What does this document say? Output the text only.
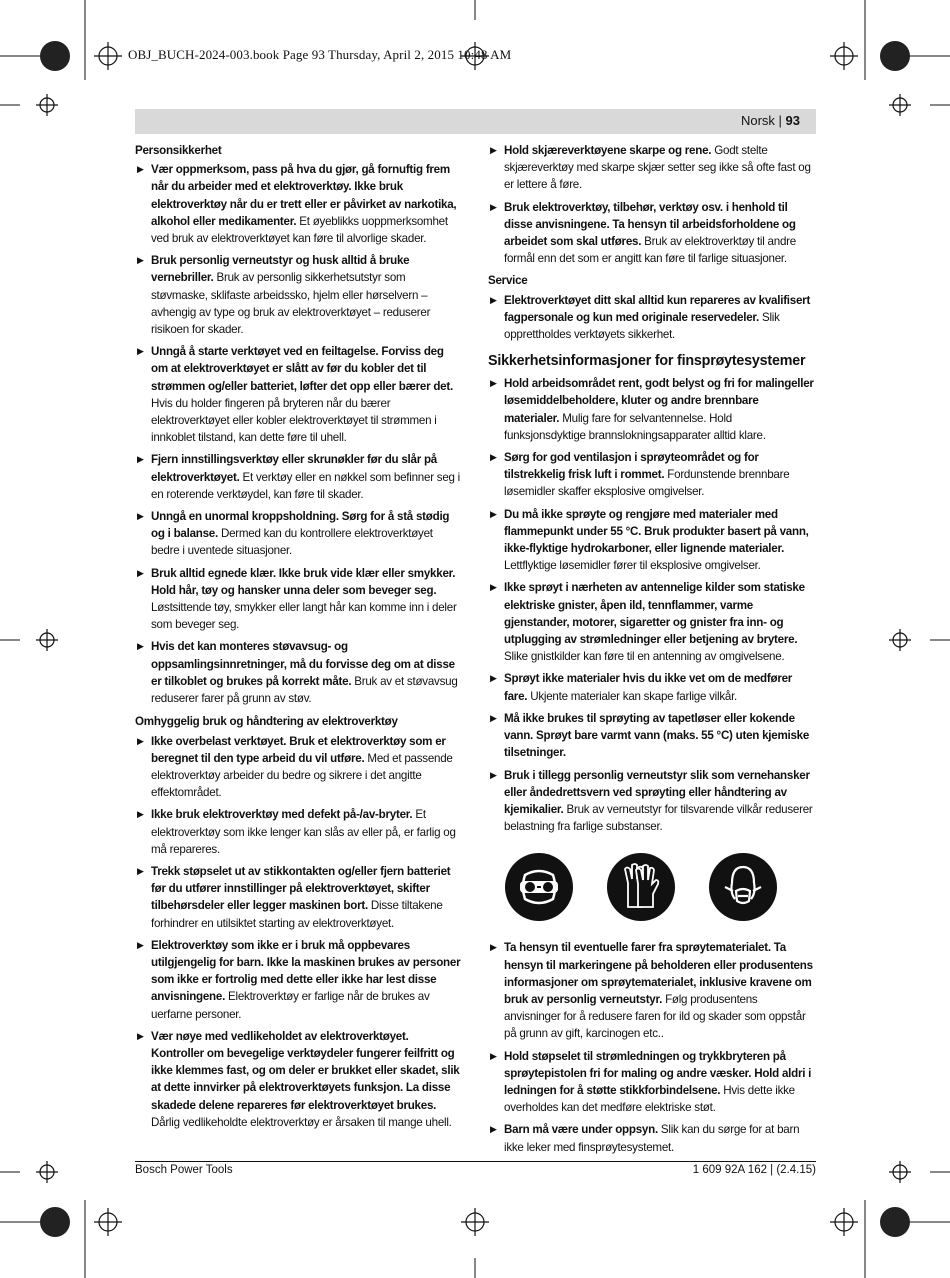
OBJ_BUCH-2024-003.book Page 93 Thursday, April 2, 2015 10:48 AM
Norsk | 93
Personsikkerhet
▶ Vær oppmerksom, pass på hva du gjør, gå fornuftig frem når du arbeider med et elektroverktøy. Ikke bruk elektroverktøy når du er trett eller er påvirket av narkotika, alkohol eller medikamenter. Et øyeblikks uoppmerksomhet ved bruk av elektroverktøyet kan føre til alvorlige skader.
▶ Bruk personlig verneutstyr og husk alltid å bruke vernebriller. Bruk av personlig sikkerhetsutstyr som støvmaske, sklifaste arbeidssko, hjelm eller hørselvern – avhengig av type og bruk av elektroverktøyet – reduserer risikoen for skader.
▶ Unngå å starte verktøyet ved en feiltagelse. Forviss deg om at elektroverktøyet er slått av før du kobler det til strømmen og/eller batteriet, løfter det opp eller bærer det. Hvis du holder fingeren på bryteren når du bærer elektroverktøyet eller kobler elektroverktøyet til strømmen i innkoblet tilstand, kan dette føre til uhell.
▶ Fjern innstillingsverktøy eller skrunøkler før du slår på elektroverktøyet. Et verktøy eller en nøkkel som befinner seg i en roterende verktøydel, kan føre til skader.
▶ Unngå en unormal kroppsholdning. Sørg for å stå stødig og i balanse. Dermed kan du kontrollere elektroverktøyet bedre i uventede situasjoner.
▶ Bruk alltid egnede klær. Ikke bruk vide klær eller smykker. Hold hår, tøy og hansker unna deler som beveger seg. Løstsittende tøy, smykker eller langt hår kan komme inn i deler som beveger seg.
▶ Hvis det kan monteres støvavsug- og oppsamlingsinnretninger, må du forvisse deg om at disse er tilkoblet og brukes på korrekt måte. Bruk av et støvavsug reduserer farer på grunn av støv.
Omhyggelig bruk og håndtering av elektroverktøy
▶ Ikke overbelast verktøyet. Bruk et elektroverktøy som er beregnet til den type arbeid du vil utføre. Med et passende elektroverktøy arbeider du bedre og sikrere i det angitte effektområdet.
▶ Ikke bruk elektroverktøy med defekt på-/av-bryter. Et elektroverktøy som ikke lenger kan slås av eller på, er farlig og må repareres.
▶ Trekk støpselet ut av stikkontakten og/eller fjern batteriet før du utfører innstillinger på elektroverktøyet, skifter tilbehørsdeler eller legger maskinen bort. Disse tiltakene forhindrer en utilsiktet starting av elektroverktøyet.
▶ Elektroverktøy som ikke er i bruk må oppbevares utilgjengelig for barn. Ikke la maskinen brukes av personer som ikke er fortrolig med dette eller ikke har lest disse anvisningene. Elektroverktøy er farlige når de brukes av uerfarne personer.
▶ Vær nøye med vedlikeholdet av elektroverktøyet. Kontroller om bevegelige verktøydeler fungerer feilfritt og ikke klemmes fast, og om deler er brukket eller skadet, slik at dette innvirker på elektroverktøyets funksjon. La disse skadede delene repareres før elektroverktøyet brukes. Dårlig vedlikeholdte elektroverktøy er årsaken til mange uhell.
▶ Hold skjæreverktøyene skarpe og rene. Godt stelte skjæreverktøy med skarpe skjær setter seg ikke så ofte fast og er lettere å føre.
▶ Bruk elektroverktøy, tilbehør, verktøy osv. i henhold til disse anvisningene. Ta hensyn til arbeidsforholdene og arbeidet som skal utføres. Bruk av elektroverktøy til andre formål enn det som er angitt kan føre til farlige situasjoner.
Service
▶ Elektroverktøyet ditt skal alltid kun repareres av kvalifisert fagpersonale og kun med originale reservedeler. Slik opprettholdes verktøyets sikkerhet.
Sikkerhetsinformasjoner for finsprøytesystemer
▶ Hold arbeidsområdet rent, godt belyst og fri for malingeller løsemiddelbeholdere, kluter og andre brennbare materialer. Mulig fare for selvantennelse. Hold funksjonsdyktige brannslokningsapparater alltid klare.
▶ Sørg for god ventilasjon i sprøyteområdet og for tilstrekkelig frisk luft i rommet. Fordunstende brennbare løsemidler skaffer eksplosive omgivelser.
▶ Du må ikke sprøyte og rengjøre med materialer med flammepunkt under 55 °C. Bruk produkter basert på vann, ikke-flyktige hydrokarboner, eller lignende materialer. Lettflyktige løsemidler fører til eksplosive omgivelser.
▶ Ikke sprøyt i nærheten av antennelige kilder som statiske elektriske gnister, åpen ild, tennflammer, varme gjenstander, motorer, sigaretter og gnister fra inn- og utplugging av strømledninger eller betjening av brytere. Slike gnistkilder kan føre til en antenning av omgivelsene.
▶ Sprøyt ikke materialer hvis du ikke vet om de medfører fare. Ukjente materialer kan skape farlige vilkår.
▶ Må ikke brukes til sprøyting av tapetløser eller kokende vann. Sprøyt bare varmt vann (maks. 55 °C) uten kjemiske tilsetninger.
▶ Bruk i tillegg personlig verneutstyr slik som vernehansker eller åndedrettsvern ved sprøyting eller håndtering av kjemikalier. Bruk av verneutstyr for tilsvarende vilkår reduserer belastning fra farlige substanser.
▶ Ta hensyn til eventuelle farer fra sprøytematerialet. Ta hensyn til markeringene på beholderen eller produsentens informasjoner om sprøytematerialet, inklusive kravene om bruk av personlig verneutstyr. Følg produsentens anvisninger for å redusere faren for ild og skader som oppstår på grunn av gift, karcinogen etc..
▶ Hold støpselet til strømledningen og trykkbryteren på sprøytepistolen fri for maling og andre væsker. Hold aldri i ledningen for å støtte stikkforbindelsene. Hvis dette ikke overholdes kan det medføre elektriske støt.
▶ Barn må være under oppsyn. Slik kan du sørge for at barn ikke leker med finsprøytesystemet.
Bosch Power Tools	1 609 92A 162 | (2.4.15)
